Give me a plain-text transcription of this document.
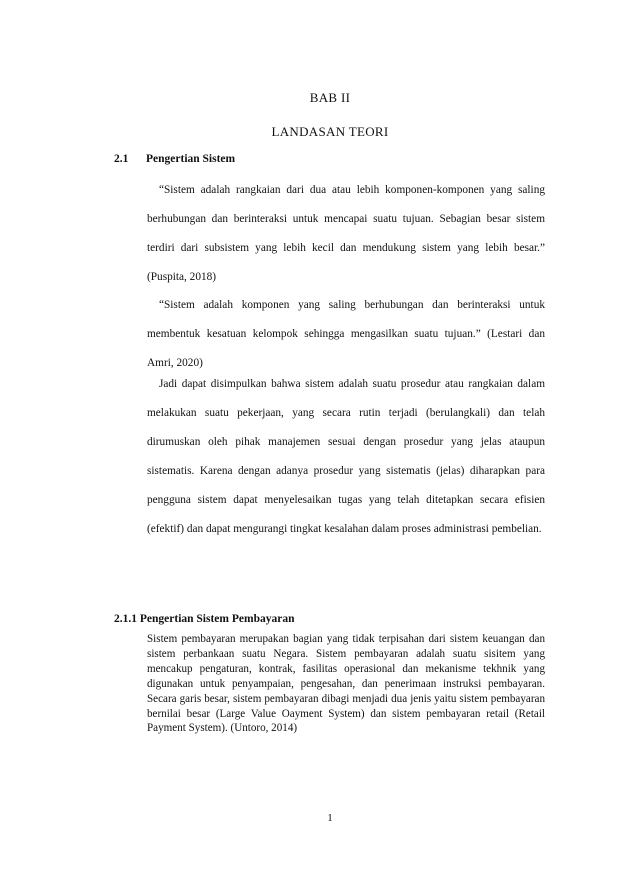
BAB II
LANDASAN TEORI
2.1 Pengertian Sistem

“Sistem adalah rangkaian dari dua atau lebih komponen-komponen yang saling berhubungan dan berinteraksi untuk mencapai suatu tujuan. Sebagian besar sistem terdiri dari subsistem yang lebih kecil dan mendukung sistem yang lebih besar.” (Puspita, 2018)

“Sistem adalah komponen yang saling berhubungan dan berinteraksi untuk membentuk kesatuan kelompok sehingga mengasilkan suatu tujuan.” (Lestari dan Amri, 2020)

Jadi dapat disimpulkan bahwa sistem adalah suatu prosedur atau rangkaian dalam melakukan suatu pekerjaan, yang secara rutin terjadi (berulangkali) dan telah dirumuskan oleh pihak manajemen sesuai dengan prosedur yang jelas ataupun sistematis. Karena dengan adanya prosedur yang sistematis (jelas) diharapkan para pengguna sistem dapat menyelesaikan tugas yang telah ditetapkan secara efisien (efektif) dan dapat mengurangi tingkat kesalahan dalam proses administrasi pembelian.

2.1.1 Pengertian Sistem Pembayaran

Sistem pembayaran merupakan bagian yang tidak terpisahan dari sistem keuangan dan sistem perbankaan suatu Negara. Sistem pembayaran adalah suatu sisitem yang mencakup pengaturan, kontrak, fasilitas operasional dan mekanisme tekhnik yang digunakan untuk penyampaian, pengesahan, dan penerimaan instruksi pembayaran. Secara garis besar, sistem pembayaran dibagi menjadi dua jenis yaitu sistem pembayaran bernilai besar (Large Value Oayment System) dan sistem pembayaran retail (Retail Payment System). (Untoro, 2014)

1
